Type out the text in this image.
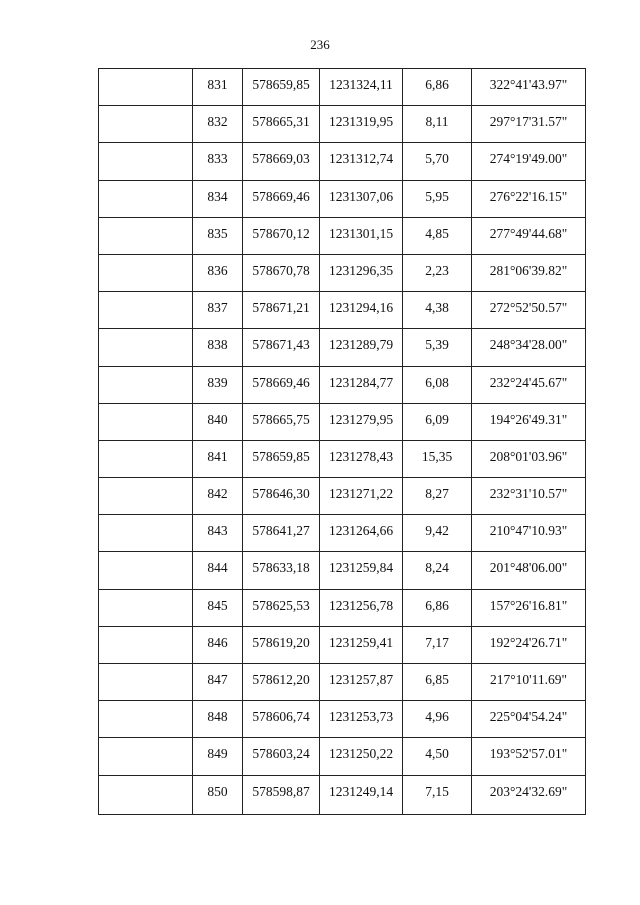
236

	831	578659,85	1231324,11	6,86	322°41'43.97"

	832	578665,31	1231319,95	8,11	297°17'31.57"

	833	578669,03	1231312,74	5,70	274°19'49.00"

	834	578669,46	1231307,06	5,95	276°22'16.15"

	835	578670,12	1231301,15	4,85	277°49'44.68"

	836	578670,78	1231296,35	2,23	281°06'39.82"

	837	578671,21	1231294,16	4,38	272°52'50.57"

	838	578671,43	1231289,79	5,39	248°34'28.00"

	839	578669,46	1231284,77	6,08	232°24'45.67"

	840	578665,75	1231279,95	6,09	194°26'49.31"

	841	578659,85	1231278,43	15,35	208°01'03.96"

	842	578646,30	1231271,22	8,27	232°31'10.57"

	843	578641,27	1231264,66	9,42	210°47'10.93"

	844	578633,18	1231259,84	8,24	201°48'06.00"

	845	578625,53	1231256,78	6,86	157°26'16.81"

	846	578619,20	1231259,41	7,17	192°24'26.71"

	847	578612,20	1231257,87	6,85	217°10'11.69"

	848	578606,74	1231253,73	4,96	225°04'54.24"

	849	578603,24	1231250,22	4,50	193°52'57.01"

	850	578598,87	1231249,14	7,15	203°24'32.69"
